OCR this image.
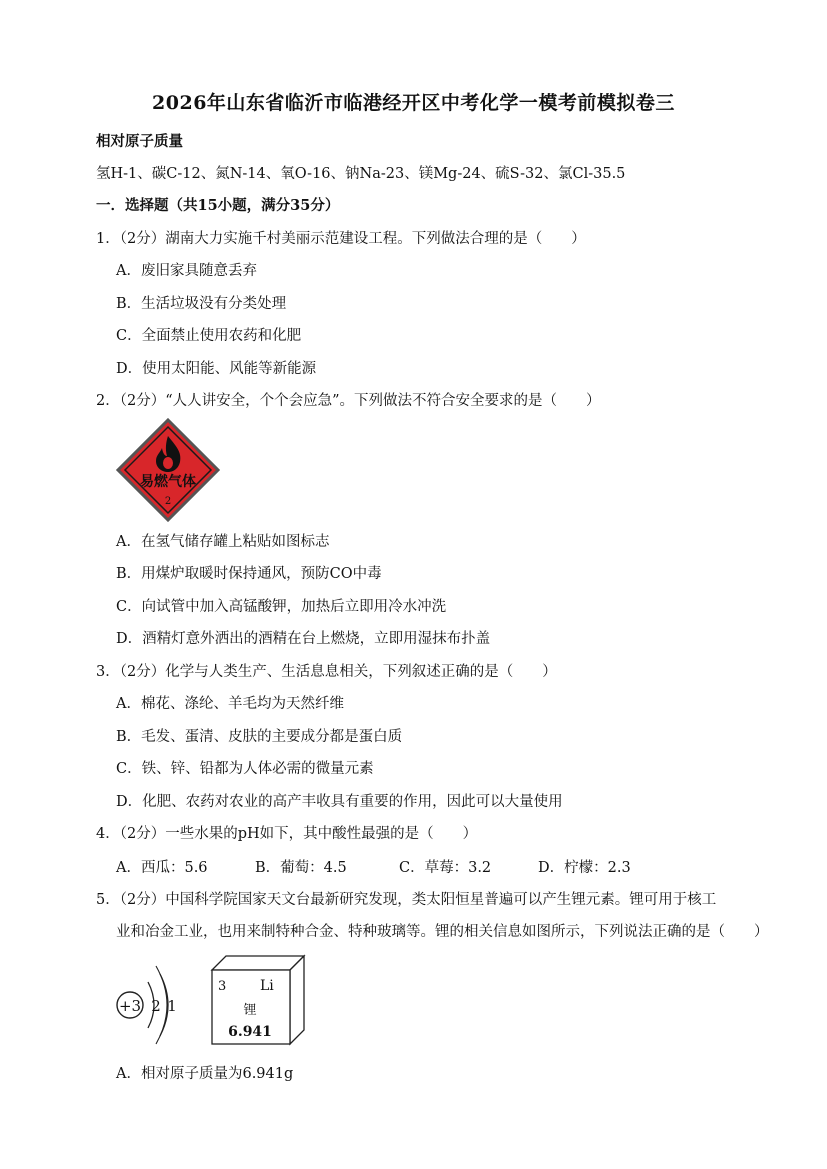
2026年山东省临沂市临港经开区中考化学一模考前模拟卷三
相对原子质量
氢H-1、碳C-12、氮N-14、氧O-16、钠Na-23、镁Mg-24、硫S-32、氯Cl-35.5
一．选择题（共15小题，满分35分）
1．（2分）湖南大力实施千村美丽示范建设工程。下列做法合理的是（　　）
A．废旧家具随意丢弃
B．生活垃圾没有分类处理
C．全面禁止使用农药和化肥
D．使用太阳能、风能等新能源
2．（2分）“人人讲安全，个个会应急”。下列做法不符合安全要求的是（　　）
易燃气体
2
A．在氢气储存罐上粘贴如图标志
B．用煤炉取暖时保持通风，预防CO中毒
C．向试管中加入高锰酸钾，加热后立即用冷水冲洗
D．酒精灯意外洒出的酒精在台上燃烧，立即用湿抹布扑盖
3．（2分）化学与人类生产、生活息息相关，下列叙述正确的是（　　）
A．棉花、涤纶、羊毛均为天然纤维
B．毛发、蛋清、皮肤的主要成分都是蛋白质
C．铁、锌、铅都为人体必需的微量元素
D．化肥、农药对农业的高产丰收具有重要的作用，因此可以大量使用
4．（2分）一些水果的pH如下，其中酸性最强的是（　　）
A．西瓜：5.6	B．葡萄：4.5	C．草莓：3.2	D．柠檬：2.3
5．（2分）中国科学院国家天文台最新研究发现，类太阳恒星普遍可以产生锂元素。锂可用于核工
业和冶金工业，也用来制特种合金、特种玻璃等。锂的相关信息如图所示，下列说法正确的是（　　）
+3 2 1
3 Li
锂
6.941
A．相对原子质量为6.941g
